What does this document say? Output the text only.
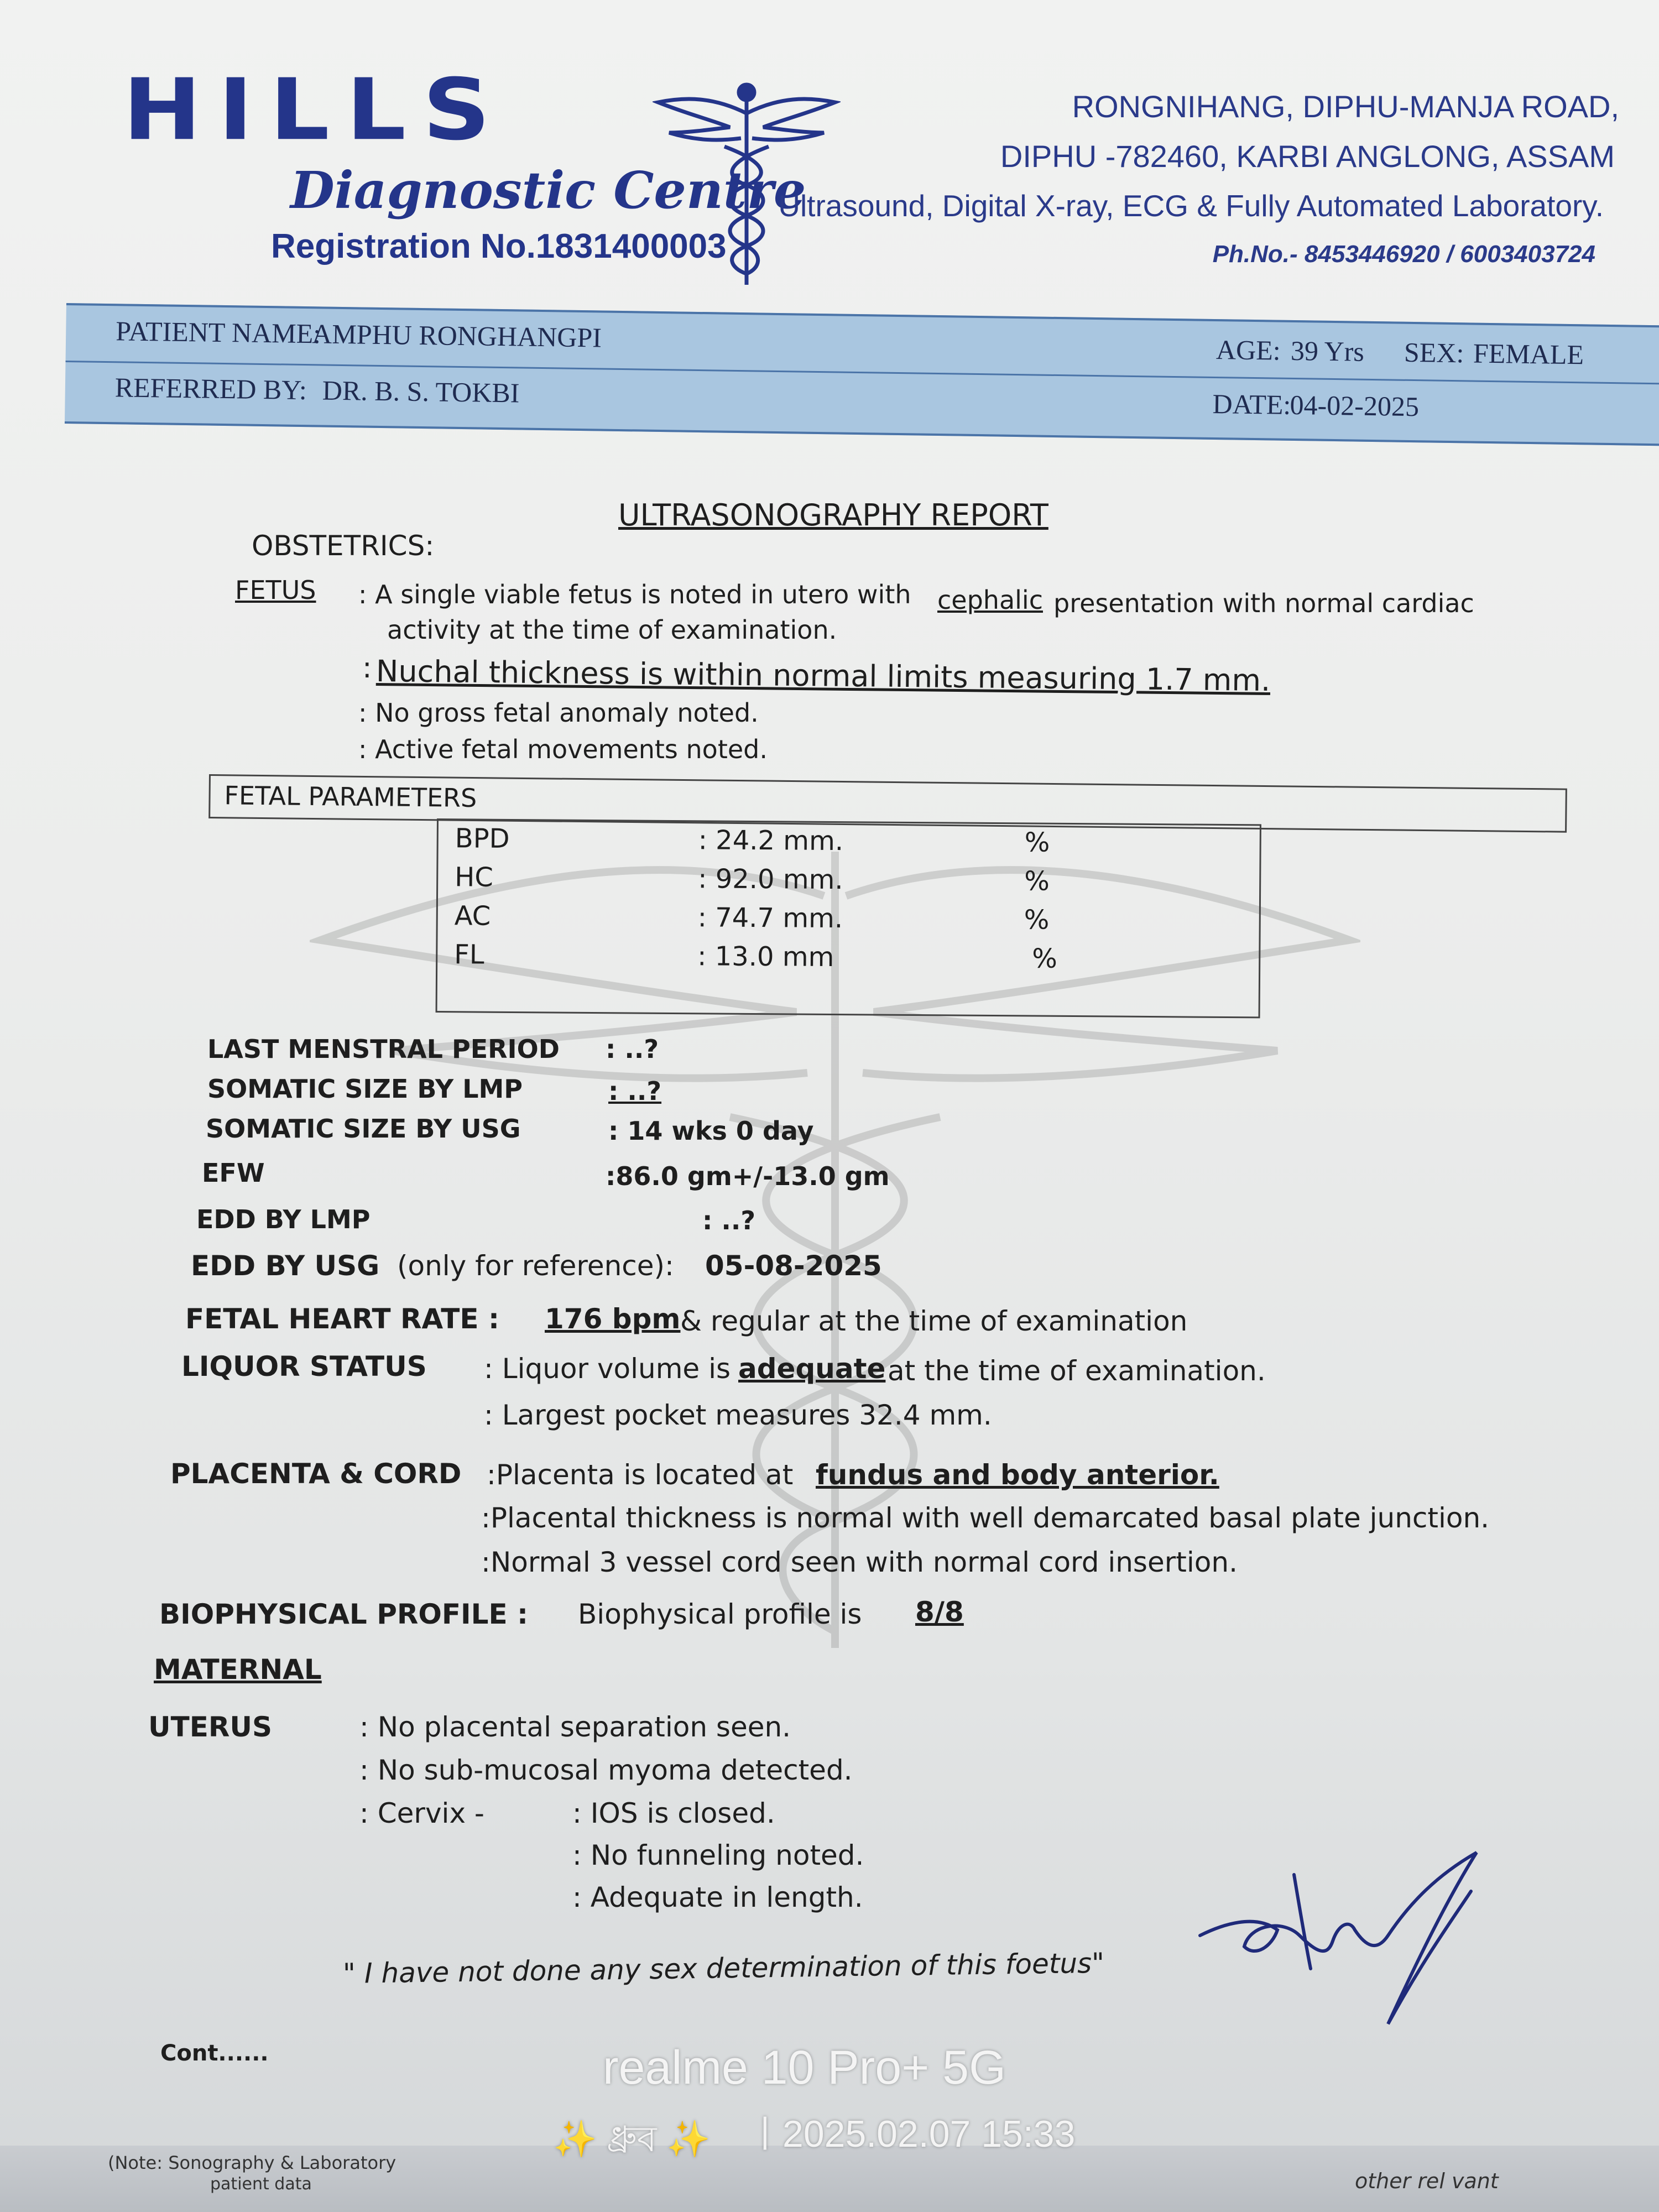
HILLS
Diagnostic Centre
Registration No.1831400003
RONGNIHANG, DIPHU-MANJA ROAD,
DIPHU -782460, KARBI ANGLONG, ASSAM
Ultrasound, Digital X-ray, ECG & Fully Automated Laboratory.
Ph.No.- 8453446920 / 6003403724
PATIENT NAME:
AMPHU RONGHANGPI
REFERRED BY: DR. B. S. TOKBI
AGE: 39 Yrs SEX: FEMALE
DATE:
04-02-2025
ULTRASONOGRAPHY REPORT
OBSTETRICS:
FETUS : A single viable fetus is noted in utero with cephalic presentation with normal cardiac
activity at the time of examination.
: Nuchal thickness is within normal limits measuring 1.7 mm.
: No gross fetal anomaly noted.
: Active fetal movements noted.
FETAL PARAMETERS
BPD	: 24.2 mm.	%
HC	: 92.0 mm.	%
AC	: 74.7 mm.	%
FL	: 13.0 mm	%
LAST MENSTRAL PERIOD : ..?
SOMATIC SIZE BY LMP	: ..?
SOMATIC SIZE BY USG	: 14 wks 0 day
EFW	:86.0 gm+/-13.0 gm
EDD BY LMP	: ..?
EDD BY USG (only for reference): 05-08-2025
FETAL HEART RATE : 176 bpm & regular at the time of examination
LIQUOR STATUS : Liquor volume is adequate at the time of examination.
: Largest pocket measures 32.4 mm.
PLACENTA & CORD :Placenta is located at fundus and body anterior.
:Placental thickness is normal with well demarcated basal plate junction.
:Normal 3 vessel cord seen with normal cord insertion.
BIOPHYSICAL PROFILE : Biophysical profile is 8/8
MATERNAL
UTERUS	: No placental separation seen.
: No sub-mucosal myoma detected.
: Cervix -	: IOS is closed.
: No funneling noted.
: Adequate in length.
" I have not done any sex determination of this foetus"
Cont......
(Note: Sonography & Laboratory
patient data	other rel vant
realme 10 Pro+ 5G
✨ ধ্রুব ✨ | 2025.02.07 15:33
